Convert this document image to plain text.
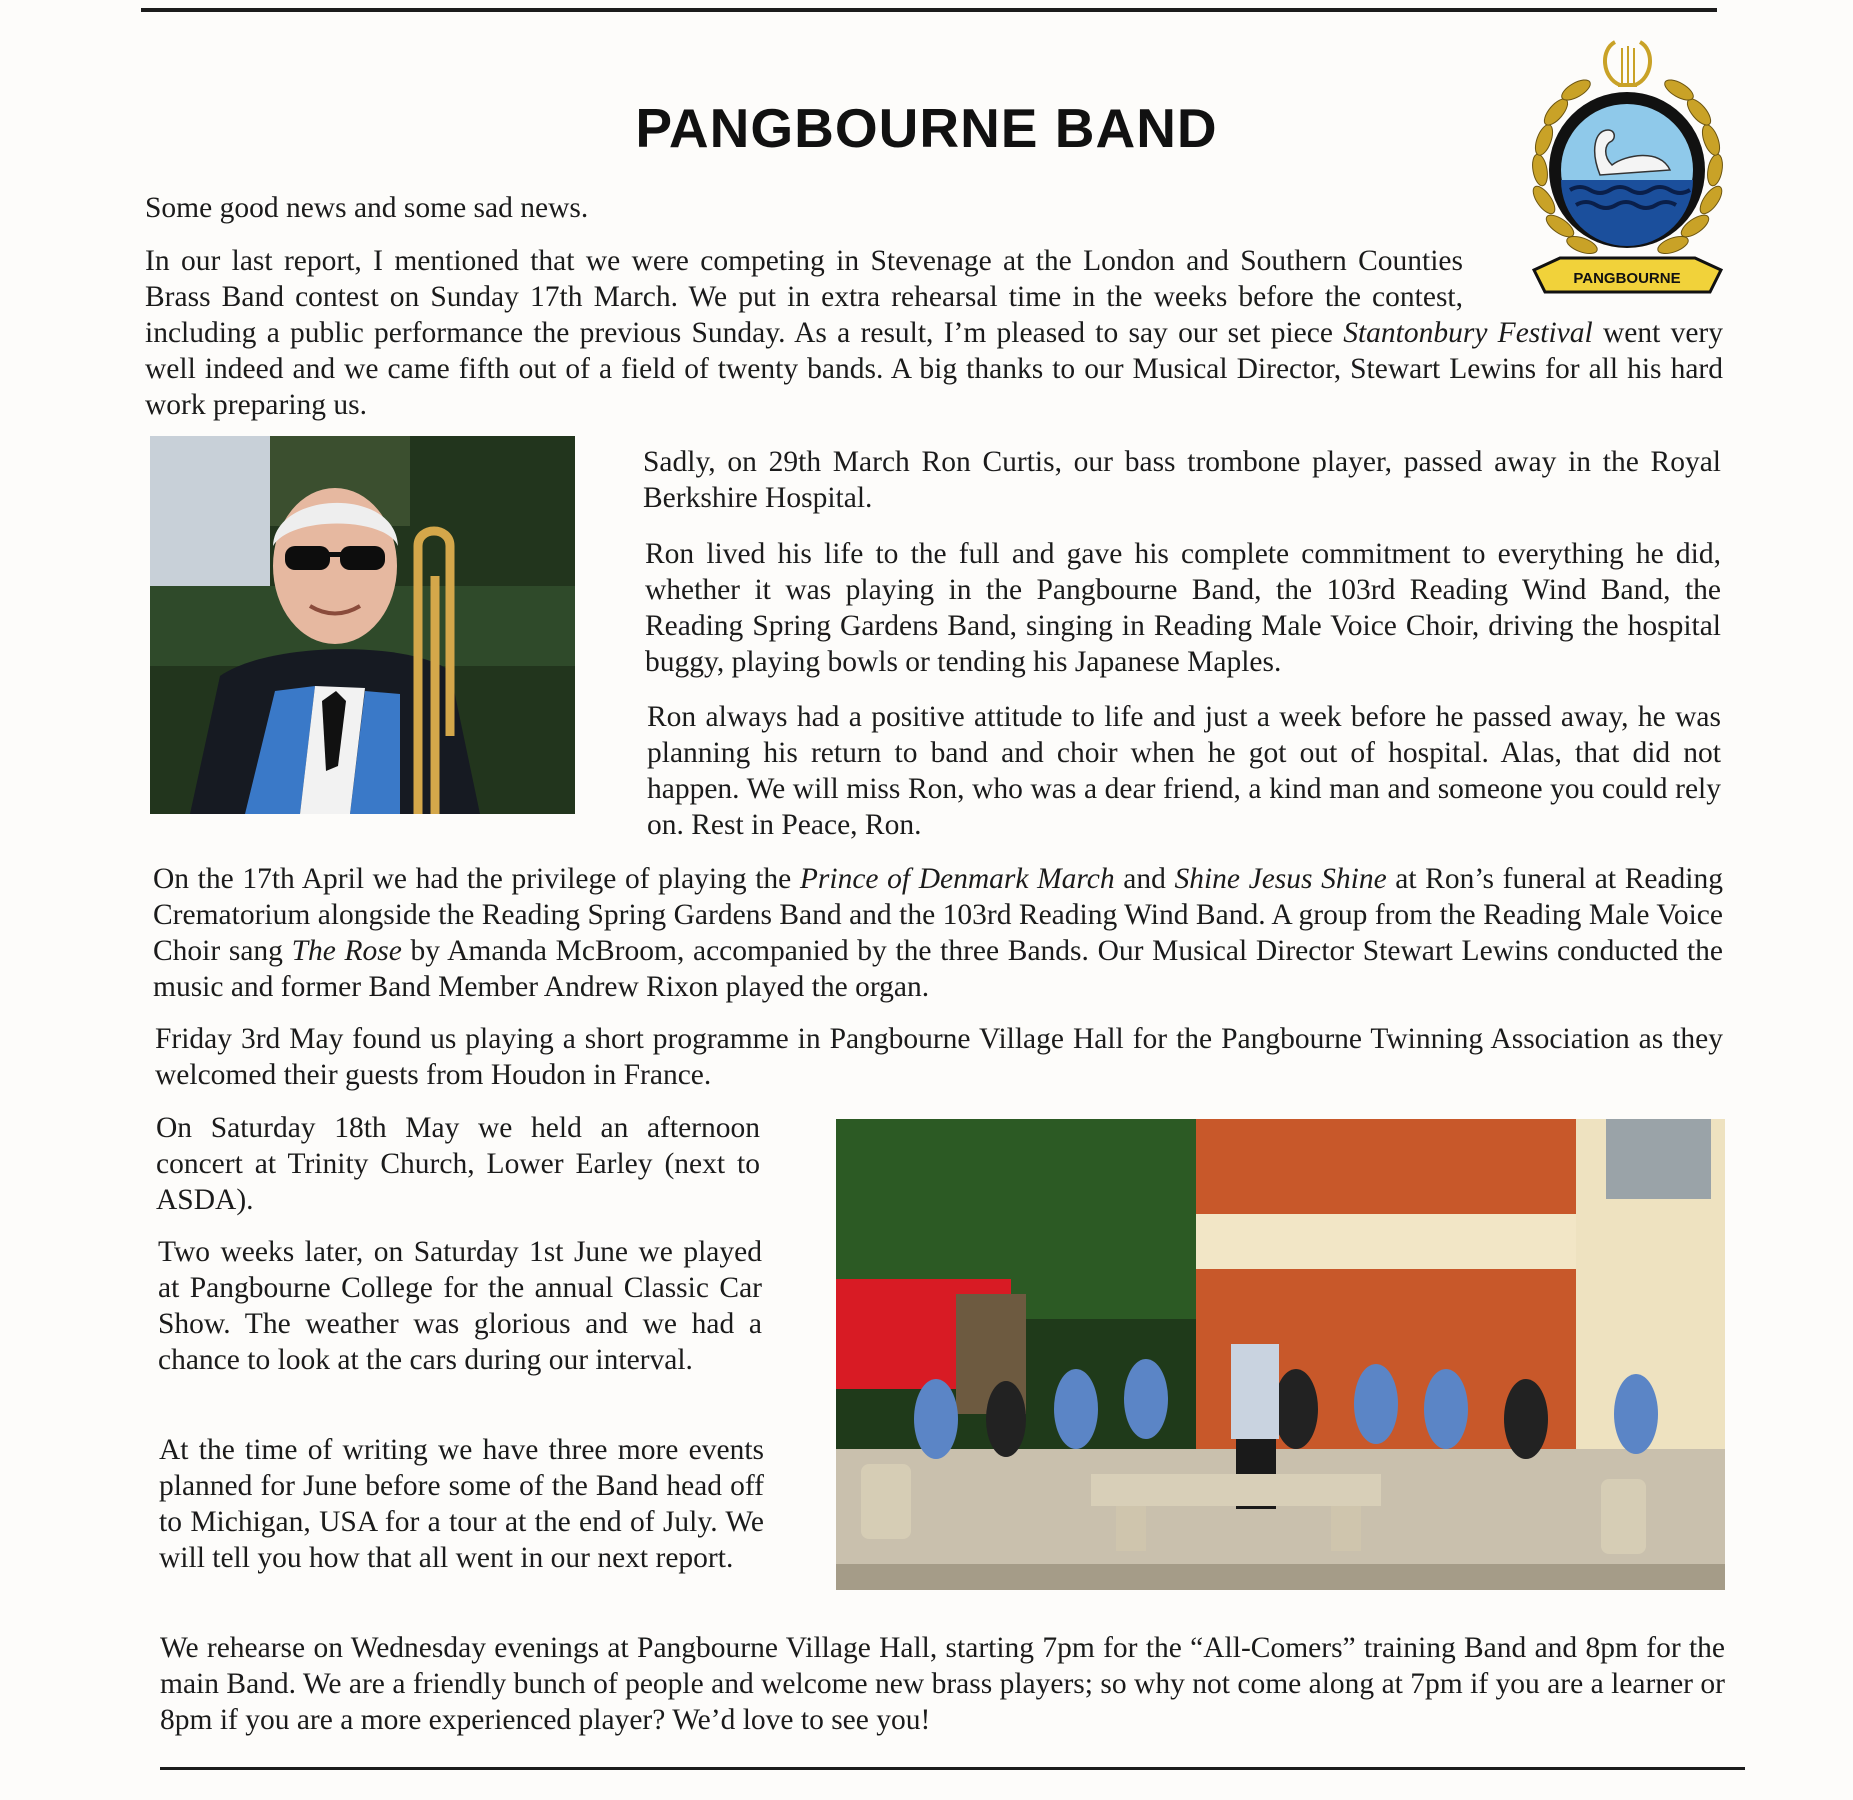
PANGBOURNE BAND
PANGBOURNE

Some good news and some sad news.

In our last report, I mentioned that we were competing in Stevenage at the London and Southern Counties Brass Band contest on Sunday 17th March. We put in extra rehearsal time in the weeks before the contest, including a public performance the previous Sunday. As a result, I’m pleased to say our set piece Stantonbury Festival went very well indeed and we came fifth out of a field of twenty bands. A big thanks to our Musical Director, Stewart Lewins for all his hard work preparing us.

Sadly, on 29th March Ron Curtis, our bass trombone player, passed away in the Royal Berkshire Hospital.

Ron lived his life to the full and gave his complete commitment to everything he did, whether it was playing in the Pangbourne Band, the 103rd Reading Wind Band, the Reading Spring Gardens Band, singing in Reading Male Voice Choir, driving the hospital buggy, playing bowls or tending his Japanese Maples.

Ron always had a positive attitude to life and just a week before he passed away, he was planning his return to band and choir when he got out of hospital. Alas, that did not happen. We will miss Ron, who was a dear friend, a kind man and someone you could rely on. Rest in Peace, Ron.

On the 17th April we had the privilege of playing the Prince of Denmark March and Shine Jesus Shine at Ron’s funeral at Reading Crematorium alongside the Reading Spring Gardens Band and the 103rd Reading Wind Band. A group from the Reading Male Voice Choir sang The Rose by Amanda McBroom, accompanied by the three Bands. Our Musical Director Stewart Lewins conducted the music and former Band Member Andrew Rixon played the organ.

Friday 3rd May found us playing a short programme in Pangbourne Village Hall for the Pangbourne Twinning Association as they welcomed their guests from Houdon in France.

On Saturday 18th May we held an afternoon concert at Trinity Church, Lower Earley (next to ASDA).

Two weeks later, on Saturday 1st June we played at Pangbourne College for the annual Classic Car Show. The weather was glorious and we had a chance to look at the cars during our interval.

At the time of writing we have three more events planned for June before some of the Band head off to Michigan, USA for a tour at the end of July. We will tell you how that all went in our next report.

We rehearse on Wednesday evenings at Pangbourne Village Hall, starting 7pm for the “All-Comers” training Band and 8pm for the main Band. We are a friendly bunch of people and welcome new brass players; so why not come along at 7pm if you are a learner or 8pm if you are a more experienced player? We’d love to see you!
